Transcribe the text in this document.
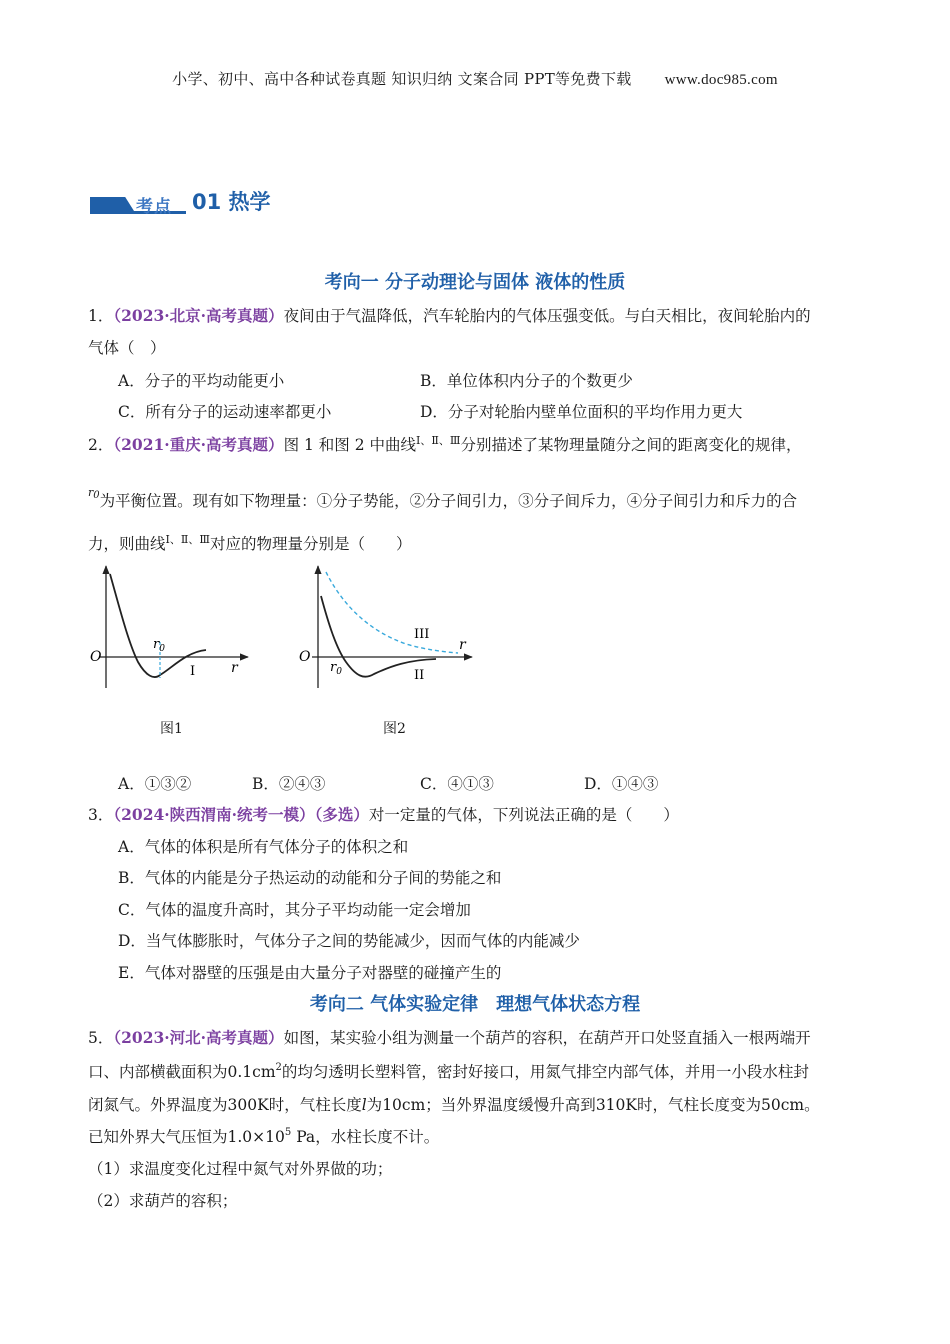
小学、初中、高中各种试卷真题 知识归纳 文案合同 PPT等免费下载 www.doc985.com
考点 01 热学
考向一 分子动理论与固体 液体的性质
1．（2023·北京·高考真题）夜间由于气温降低，汽车轮胎内的气体压强变低。与白天相比，夜间轮胎内的
气体（　）
A．分子的平均动能更小	B．单位体积内分子的个数更少
C．所有分子的运动速率都更小	D．分子对轮胎内壁单位面积的平均作用力更大
2．（2021·重庆·高考真题）图 1 和图 2 中曲线$^{Ⅰ、Ⅱ、Ⅲ}$分别描述了某物理量随分之间的距离变化的规律，
$^{r0}$为平衡位置。现有如下物理量：①分子势能，②分子间引力，③分子间斥力，④分子间引力和斥力的合
力，则曲线$^{Ⅰ、Ⅱ、Ⅲ}$对应的物理量分别是（　　）
O
r
$r_0$
I
图1
O
r
$r_0$
III
II
图2
A．①③②	B．②④③	C．④①③	D．①④③
3．（2024·陕西渭南·统考一模）（多选）对一定量的气体，下列说法正确的是（　　）
A．气体的体积是所有气体分子的体积之和
B．气体的内能是分子热运动的动能和分子间的势能之和
C．气体的温度升高时，其分子平均动能一定会增加
D．当气体膨胀时，气体分子之间的势能减少，因而气体的内能减少
E．气体对器壁的压强是由大量分子对器壁的碰撞产生的
考向二 气体实验定律　理想气体状态方程
5．（2023·河北·高考真题）如图，某实验小组为测量一个葫芦的容积，在葫芦开口处竖直插入一根两端开
口、内部横截面积为$0.1cm^2$的均匀透明长塑料管，密封好接口，用氮气排空内部气体，并用一小段水柱封
闭氮气。外界温度为300K时，气柱长度l为10cm；当外界温度缓慢升高到310K时，气柱长度变为50cm。
已知外界大气压恒为$1.0\times 10^5$ Pa，水柱长度不计。
（1）求温度变化过程中氮气对外界做的功；
（2）求葫芦的容积；
